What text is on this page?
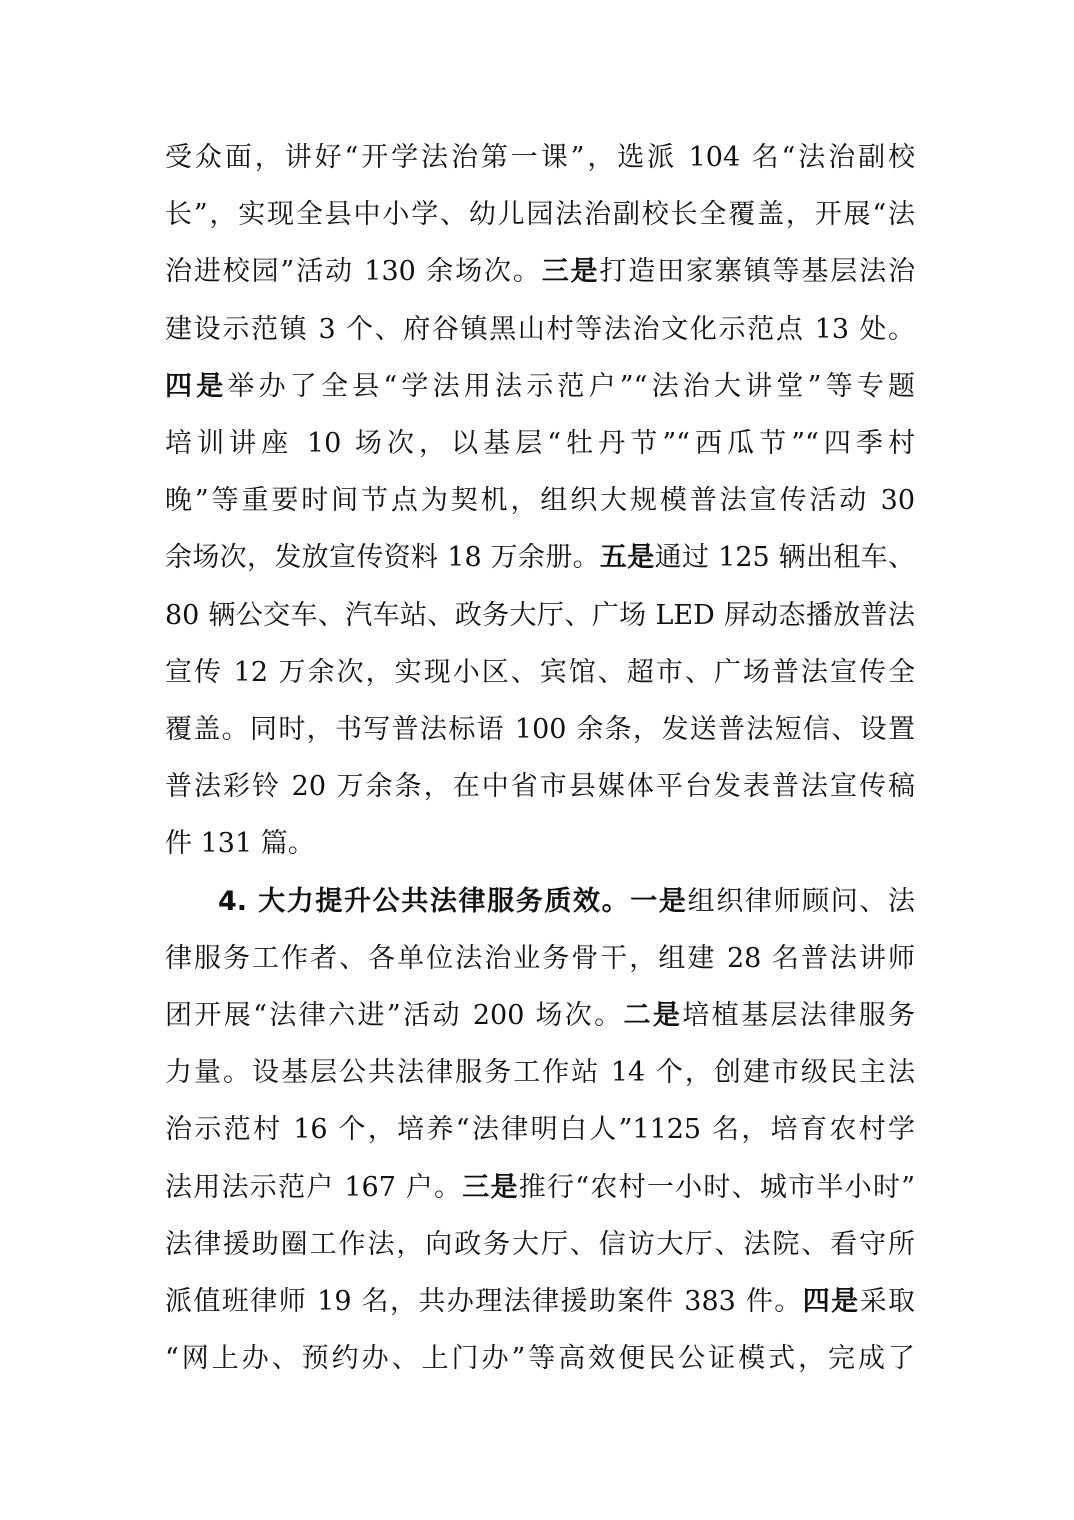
受众面，讲好“开学法治第一课”，选派 104 名“法治副校
长”，实现全县中小学、幼儿园法治副校长全覆盖，开展“法
治进校园”活动 130 余场次。三是打造田家寨镇等基层法治
建设示范镇 3 个、府谷镇黑山村等法治文化示范点 13 处。
四是举办了全县“学法用法示范户”“法治大讲堂”等专题
培训讲座 10 场次，以基层“牡丹节”“西瓜节”“四季村
晚”等重要时间节点为契机，组织大规模普法宣传活动 30
余场次，发放宣传资料 18 万余册。五是通过 125 辆出租车、
80 辆公交车、汽车站、政务大厅、广场 LED 屏动态播放普法
宣传 12 万余次，实现小区、宾馆、超市、广场普法宣传全
覆盖。同时，书写普法标语 100 余条，发送普法短信、设置
普法彩铃 20 万余条，在中省市县媒体平台发表普法宣传稿
件 131 篇。
4. 大力提升公共法律服务质效。一是组织律师顾问、法
律服务工作者、各单位法治业务骨干，组建 28 名普法讲师
团开展“法律六进”活动 200 场次。二是培植基层法律服务
力量。设基层公共法律服务工作站 14 个，创建市级民主法
治示范村 16 个，培养“法律明白人”1125 名，培育农村学
法用法示范户 167 户。三是推行“农村一小时、城市半小时”
法律援助圈工作法，向政务大厅、信访大厅、法院、看守所
派值班律师 19 名，共办理法律援助案件 383 件。四是采取
“网上办、预约办、上门办”等高效便民公证模式，完成了
